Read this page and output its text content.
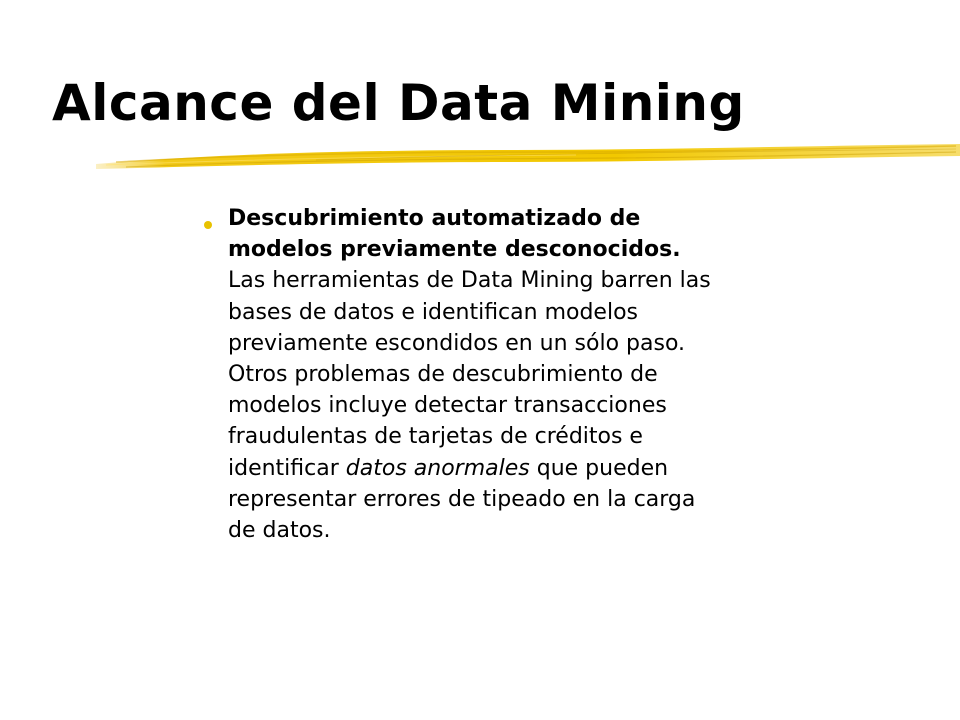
Alcance del Data Mining
Descubrimiento automatizado de
modelos previamente desconocidos.
Las herramientas de Data Mining barren las
bases de datos e identifican modelos
previamente escondidos en un sólo paso.
Otros problemas de descubrimiento de
modelos incluye detectar transacciones
fraudulentas de tarjetas de créditos e
identificar datos anormales que pueden
representar errores de tipeado en la carga
de datos.
